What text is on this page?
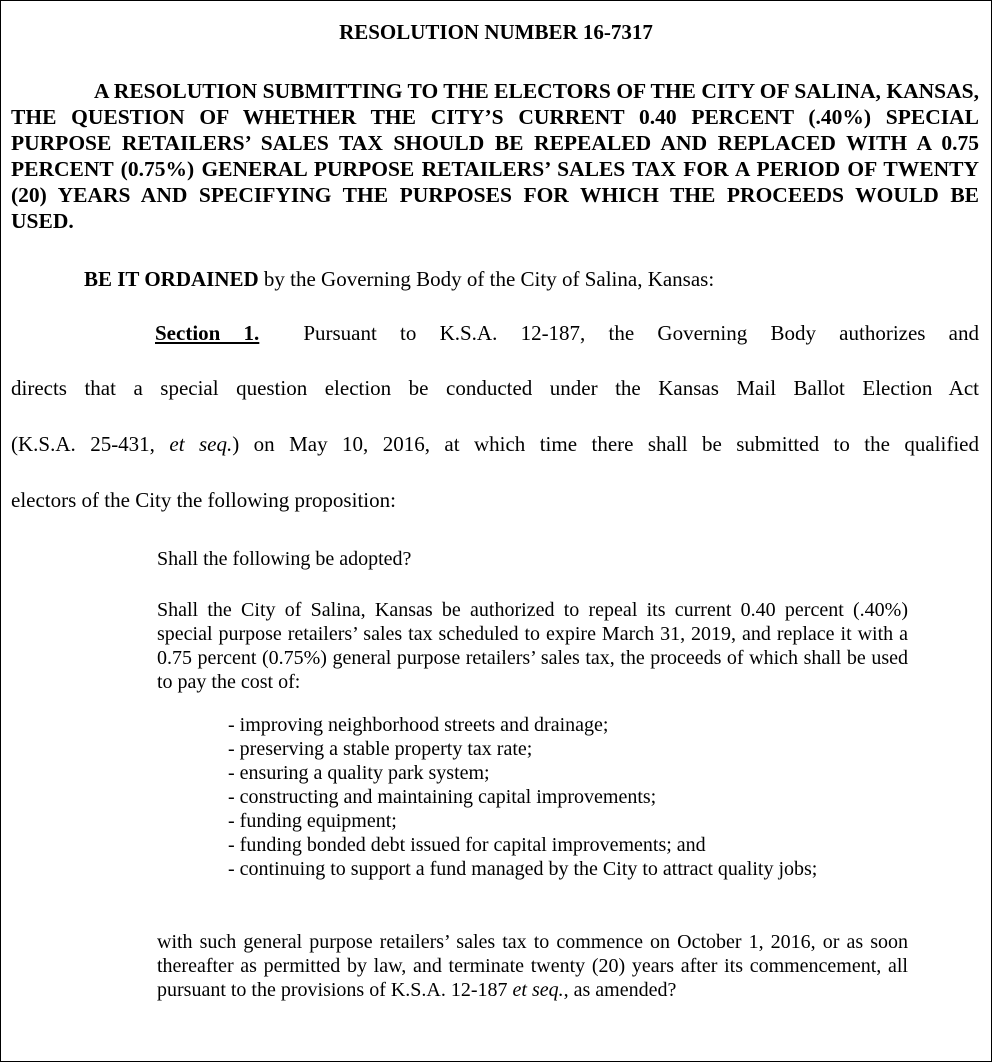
RESOLUTION NUMBER 16-7317
A RESOLUTION SUBMITTING TO THE ELECTORS OF THE CITY OF SALINA, KANSAS, THE QUESTION OF WHETHER THE CITY’S CURRENT 0.40 PERCENT (.40%) SPECIAL PURPOSE RETAILERS’ SALES TAX SHOULD BE REPEALED AND REPLACED WITH A 0.75 PERCENT (0.75%) GENERAL PURPOSE RETAILERS’ SALES TAX FOR A PERIOD OF TWENTY (20) YEARS AND SPECIFYING THE PURPOSES FOR WHICH THE PROCEEDS WOULD BE USED.
BE IT ORDAINED by the Governing Body of the City of Salina, Kansas:
Section 1. Pursuant to K.S.A. 12-187, the Governing Body authorizes and
directs that a special question election be conducted under the Kansas Mail Ballot Election Act
(K.S.A. 25-431, et seq.) on May 10, 2016, at which time there shall be submitted to the qualified
electors of the City the following proposition:
Shall the following be adopted?

Shall the City of Salina, Kansas be authorized to repeal its current 0.40 percent (.40%) special purpose retailers’ sales tax scheduled to expire March 31, 2019, and replace it with a 0.75 percent (0.75%) general purpose retailers’ sales tax, the proceeds of which shall be used to pay the cost of:

- improving neighborhood streets and drainage;
- preserving a stable property tax rate;
- ensuring a quality park system;
- constructing and maintaining capital improvements;
- funding equipment;
- funding bonded debt issued for capital improvements; and
- continuing to support a fund managed by the City to attract quality jobs;

with such general purpose retailers’ sales tax to commence on October 1, 2016, or as soon thereafter as permitted by law, and terminate twenty (20) years after its commencement, all pursuant to the provisions of K.S.A. 12-187 et seq., as amended?
